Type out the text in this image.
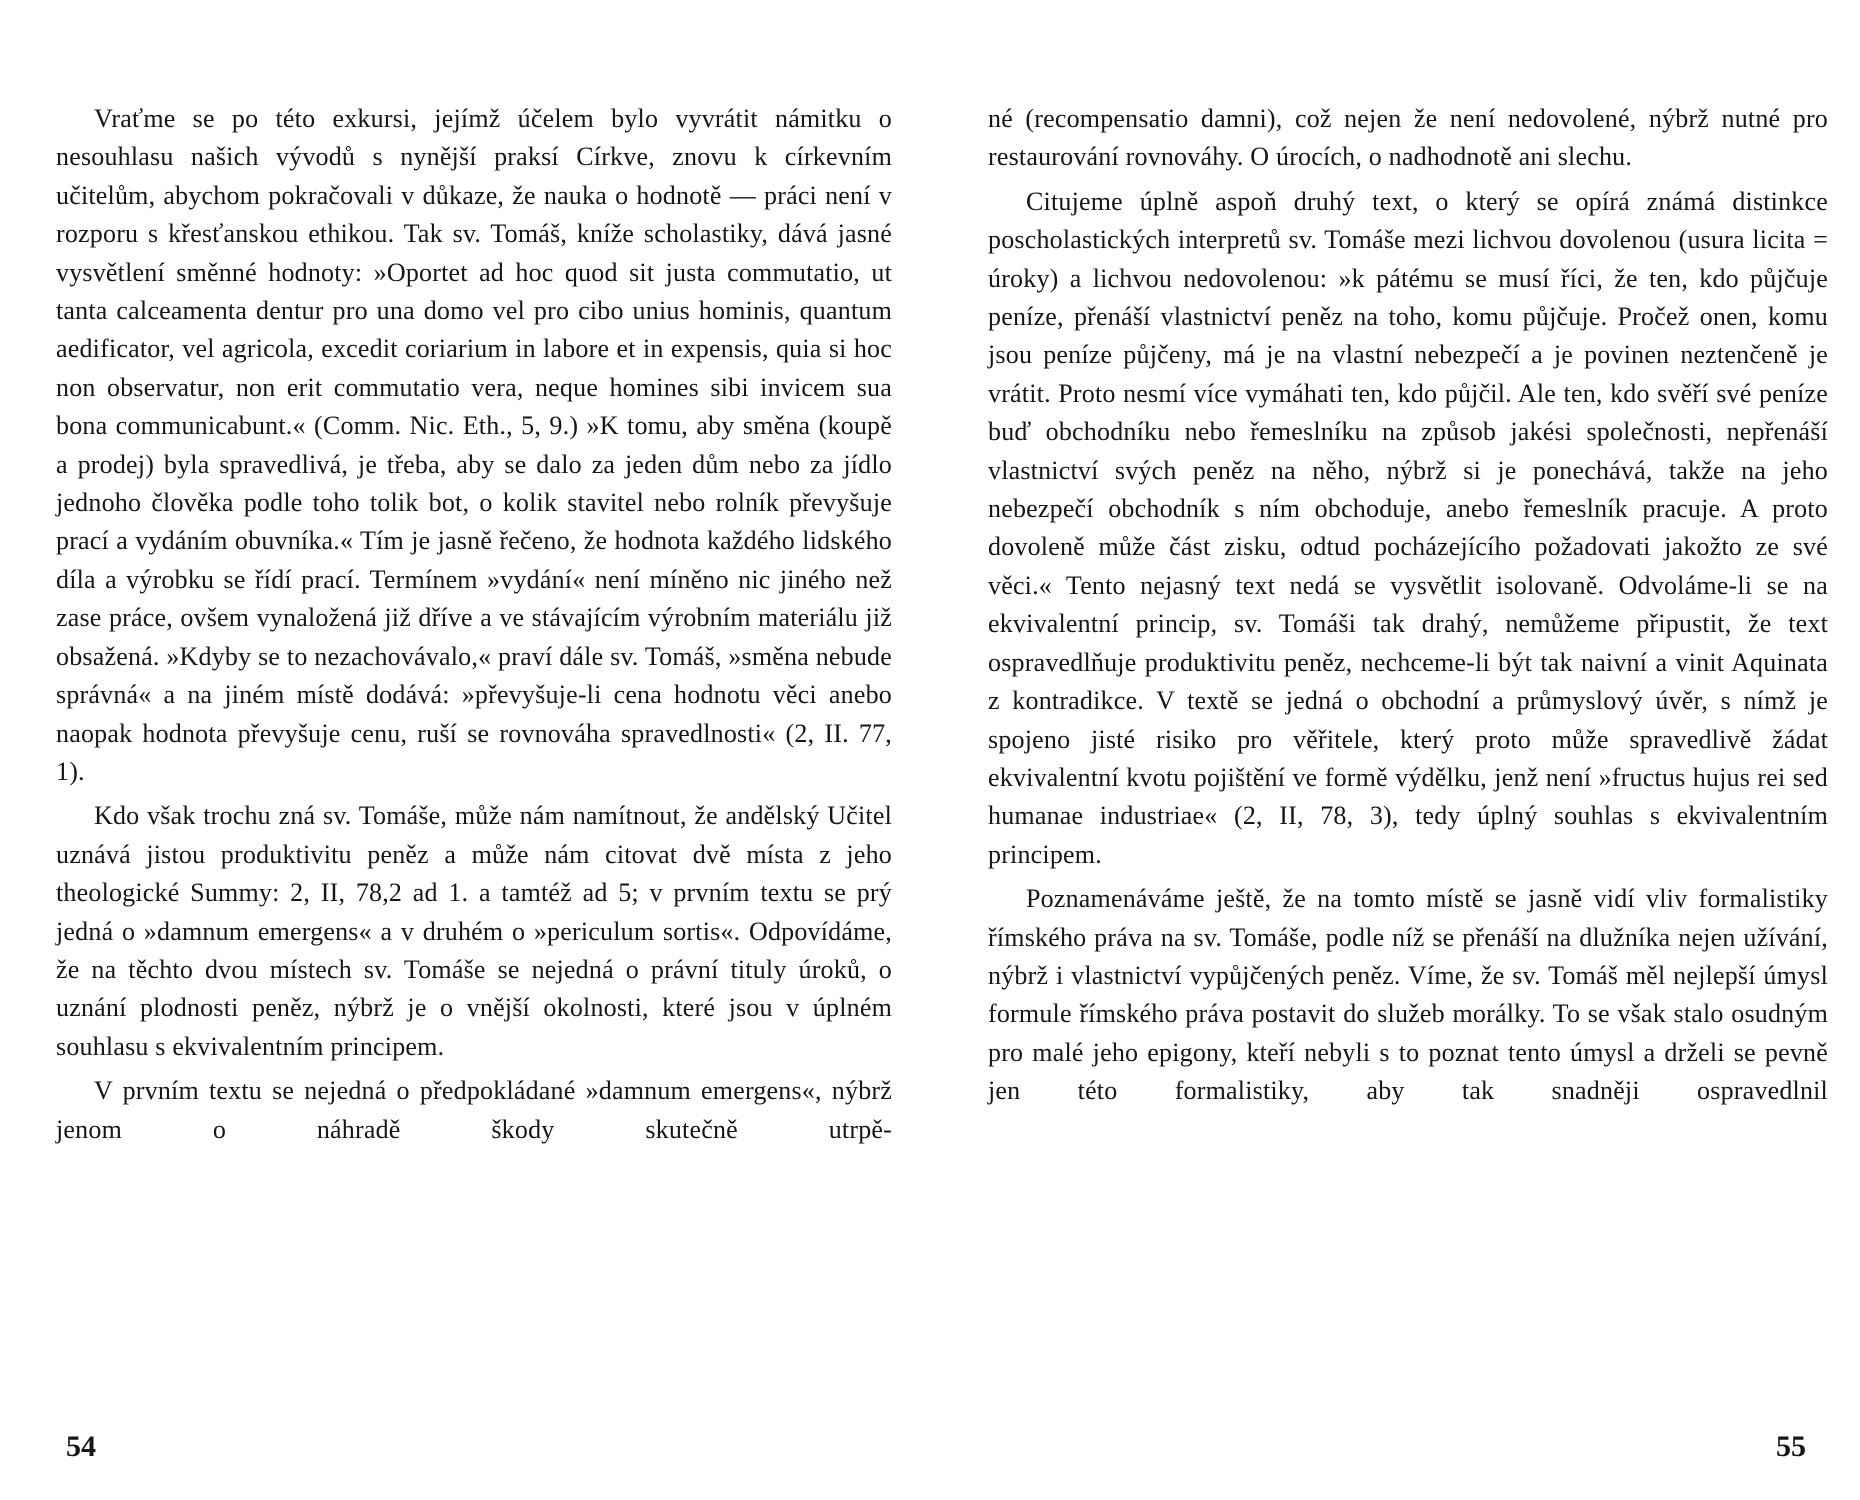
Vraťme se po této exkursi, jejímž účelem bylo vyvrátit námitku o nesouhlasu našich vývodů s nynější praksí Církve, znovu k církevním učitelům, abychom pokračovali v důkaze, že nauka o hodnotě — práci není v rozporu s křesťanskou ethikou. Tak sv. Tomáš, kníže scholastiky, dává jasné vysvětlení směnné hodnoty: »Oportet ad hoc quod sit justa commutatio, ut tanta calceamenta dentur pro una domo vel pro cibo unius hominis, quantum aedificator, vel agricola, excedit coriarium in labore et in expensis, quia si hoc non observatur, non erit commutatio vera, neque homines sibi invicem sua bona communicabunt.« (Comm. Nic. Eth., 5, 9.) »K tomu, aby směna (koupě a prodej) byla spravedlivá, je třeba, aby se dalo za jeden dům nebo za jídlo jednoho člověka podle toho tolik bot, o kolik stavitel nebo rolník převyšuje prací a vydáním obuvníka.« Tím je jasně řečeno, že hodnota každého lidského díla a výrobku se řídí prací. Termínem »vydání« není míněno nic jiného než zase práce, ovšem vynaložená již dříve a ve stávajícím výrobním materiálu již obsažená. »Kdyby se to nezachovávalo,« praví dále sv. Tomáš, »směna nebude správná« a na jiném místě dodává: »převyšuje-li cena hodnotu věci anebo naopak hodnota převyšuje cenu, ruší se rovnováha spravedlnosti« (2, II. 77, 1).

Kdo však trochu zná sv. Tomáše, může nám namítnout, že andělský Učitel uznává jistou produktivitu peněz a může nám citovat dvě místa z jeho theologické Summy: 2, II, 78,2 ad 1. a tamtéž ad 5; v prvním textu se prý jedná o »damnum emergens« a v druhém o »periculum sortis«. Odpovídáme, že na těchto dvou místech sv. Tomáše se nejedná o právní tituly úroků, o uznání plodnosti peněz, nýbrž je o vnější okolnosti, které jsou v úplném souhlasu s ekvivalentním principem.

V prvním textu se nejedná o předpokládané »damnum emergens«, nýbrž jenom o náhradě škody skutečně utrpě-

54

né (recompensatio damni), což nejen že není nedovolené, nýbrž nutné pro restaurování rovnováhy. O úrocích, o nadhodnotě ani slechu.

Citujeme úplně aspoň druhý text, o který se opírá známá distinkce poscholastických interpretů sv. Tomáše mezi lichvou dovolenou (usura licita = úroky) a lichvou nedovolenou: »k pátému se musí říci, že ten, kdo půjčuje peníze, přenáší vlastnictví peněz na toho, komu půjčuje. Pročež onen, komu jsou peníze půjčeny, má je na vlastní nebezpečí a je povinen neztenčeně je vrátit. Proto nesmí více vymáhati ten, kdo půjčil. Ale ten, kdo svěří své peníze buď obchodníku nebo řemeslníku na způsob jakési společnosti, nepřenáší vlastnictví svých peněz na něho, nýbrž si je ponechává, takže na jeho nebezpečí obchodník s ním obchoduje, anebo řemeslník pracuje. A proto dovoleně může část zisku, odtud pocházejícího požadovati jakožto ze své věci.« Tento nejasný text nedá se vysvětlit isolovaně. Odvoláme-li se na ekvivalentní princip, sv. Tomáši tak drahý, nemůžeme připustit, že text ospravedlňuje produktivitu peněz, nechceme-li být tak naivní a vinit Aquinata z kontradikce. V textě se jedná o obchodní a průmyslový úvěr, s nímž je spojeno jisté risiko pro věřitele, který proto může spravedlivě žádat ekvivalentní kvotu pojištění ve formě výdělku, jenž není »fructus hujus rei sed humanae industriae« (2, II, 78, 3), tedy úplný souhlas s ekvivalentním principem.

Poznamenáváme ještě, že na tomto místě se jasně vidí vliv formalistiky římského práva na sv. Tomáše, podle níž se přenáší na dlužníka nejen užívání, nýbrž i vlastnictví vypůjčených peněz. Víme, že sv. Tomáš měl nejlepší úmysl formule římského práva postavit do služeb morálky. To se však stalo osudným pro malé jeho epigony, kteří nebyli s to poznat tento úmysl a drželi se pevně jen této formalistiky, aby tak snadněji ospravedlnil

55
